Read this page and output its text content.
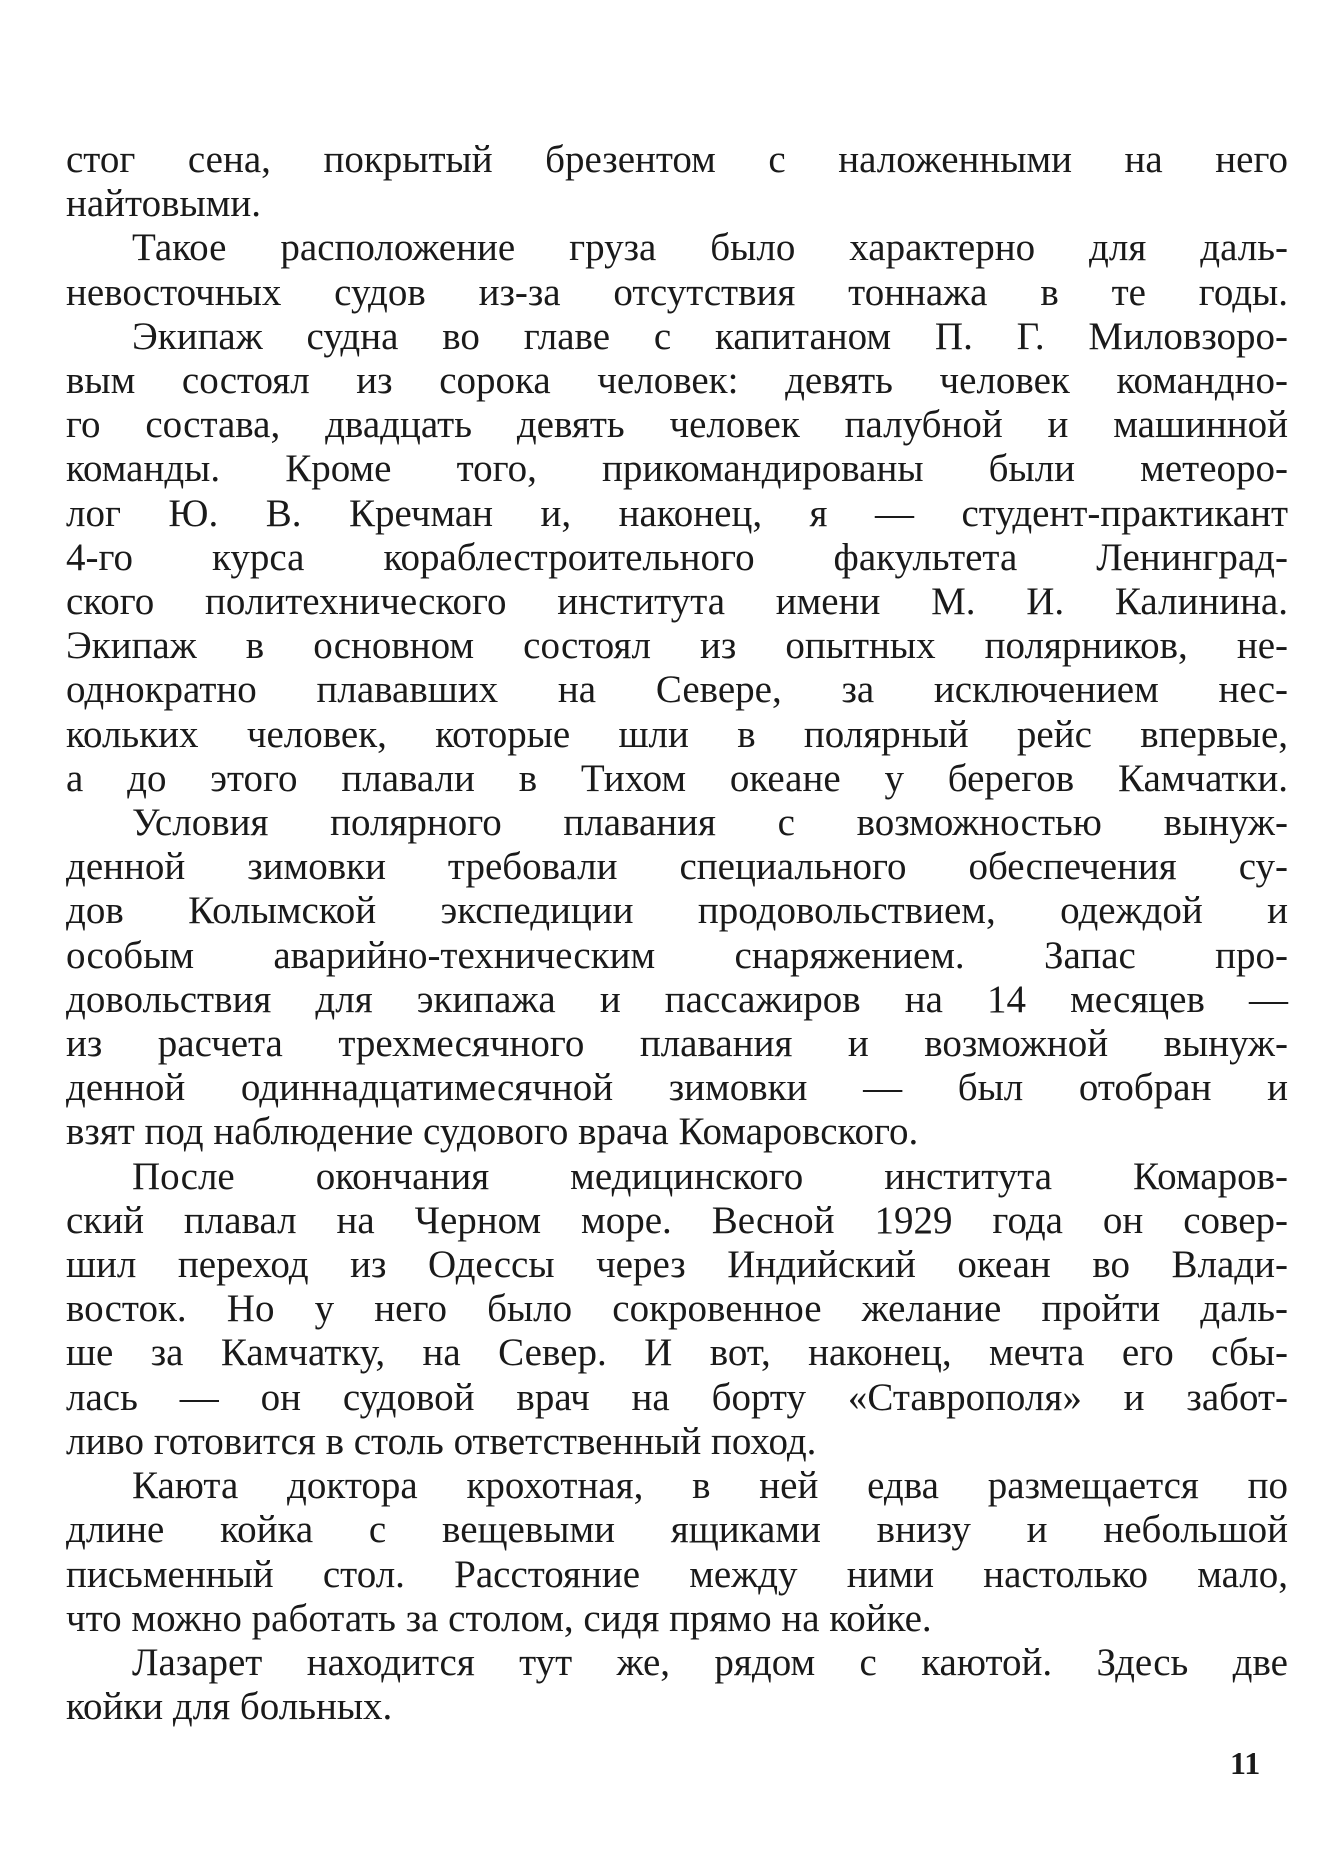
стог сена, покрытый брезентом с наложенными на него
найтовыми.
Такое расположение груза было характерно для даль-
невосточных судов из-за отсутствия тоннажа в те годы.
Экипаж судна во главе с капитаном П. Г. Миловзоро-
вым состоял из сорока человек: девять человек командно-
го состава, двадцать девять человек палубной и машинной
команды. Кроме того, прикомандированы были метеоро-
лог Ю. В. Кречман и, наконец, я — студент-практикант
4-го курса кораблестроительного факультета Ленинград-
ского политехнического института имени М. И. Калинина.
Экипаж в основном состоял из опытных полярников, не-
однократно плававших на Севере, за исключением нес-
кольких человек, которые шли в полярный рейс впервые,
а до этого плавали в Тихом океане у берегов Камчатки.
Условия полярного плавания с возможностью вынуж-
денной зимовки требовали специального обеспечения су-
дов Колымской экспедиции продовольствием, одеждой и
особым аварийно-техническим снаряжением. Запас про-
довольствия для экипажа и пассажиров на 14 месяцев —
из расчета трехмесячного плавания и возможной вынуж-
денной одиннадцатимесячной зимовки — был отобран и
взят под наблюдение судового врача Комаровского.
После окончания медицинского института Комаров-
ский плавал на Черном море. Весной 1929 года он совер-
шил переход из Одессы через Индийский океан во Влади-
восток. Но у него было сокровенное желание пройти даль-
ше за Камчатку, на Север. И вот, наконец, мечта его сбы-
лась — он судовой врач на борту «Ставрополя» и забот-
ливо готовится в столь ответственный поход.
Каюта доктора крохотная, в ней едва размещается по
длине койка с вещевыми ящиками внизу и небольшой
письменный стол. Расстояние между ними настолько мало,
что можно работать за столом, сидя прямо на койке.
Лазарет находится тут же, рядом с каютой. Здесь две
койки для больных.
11
